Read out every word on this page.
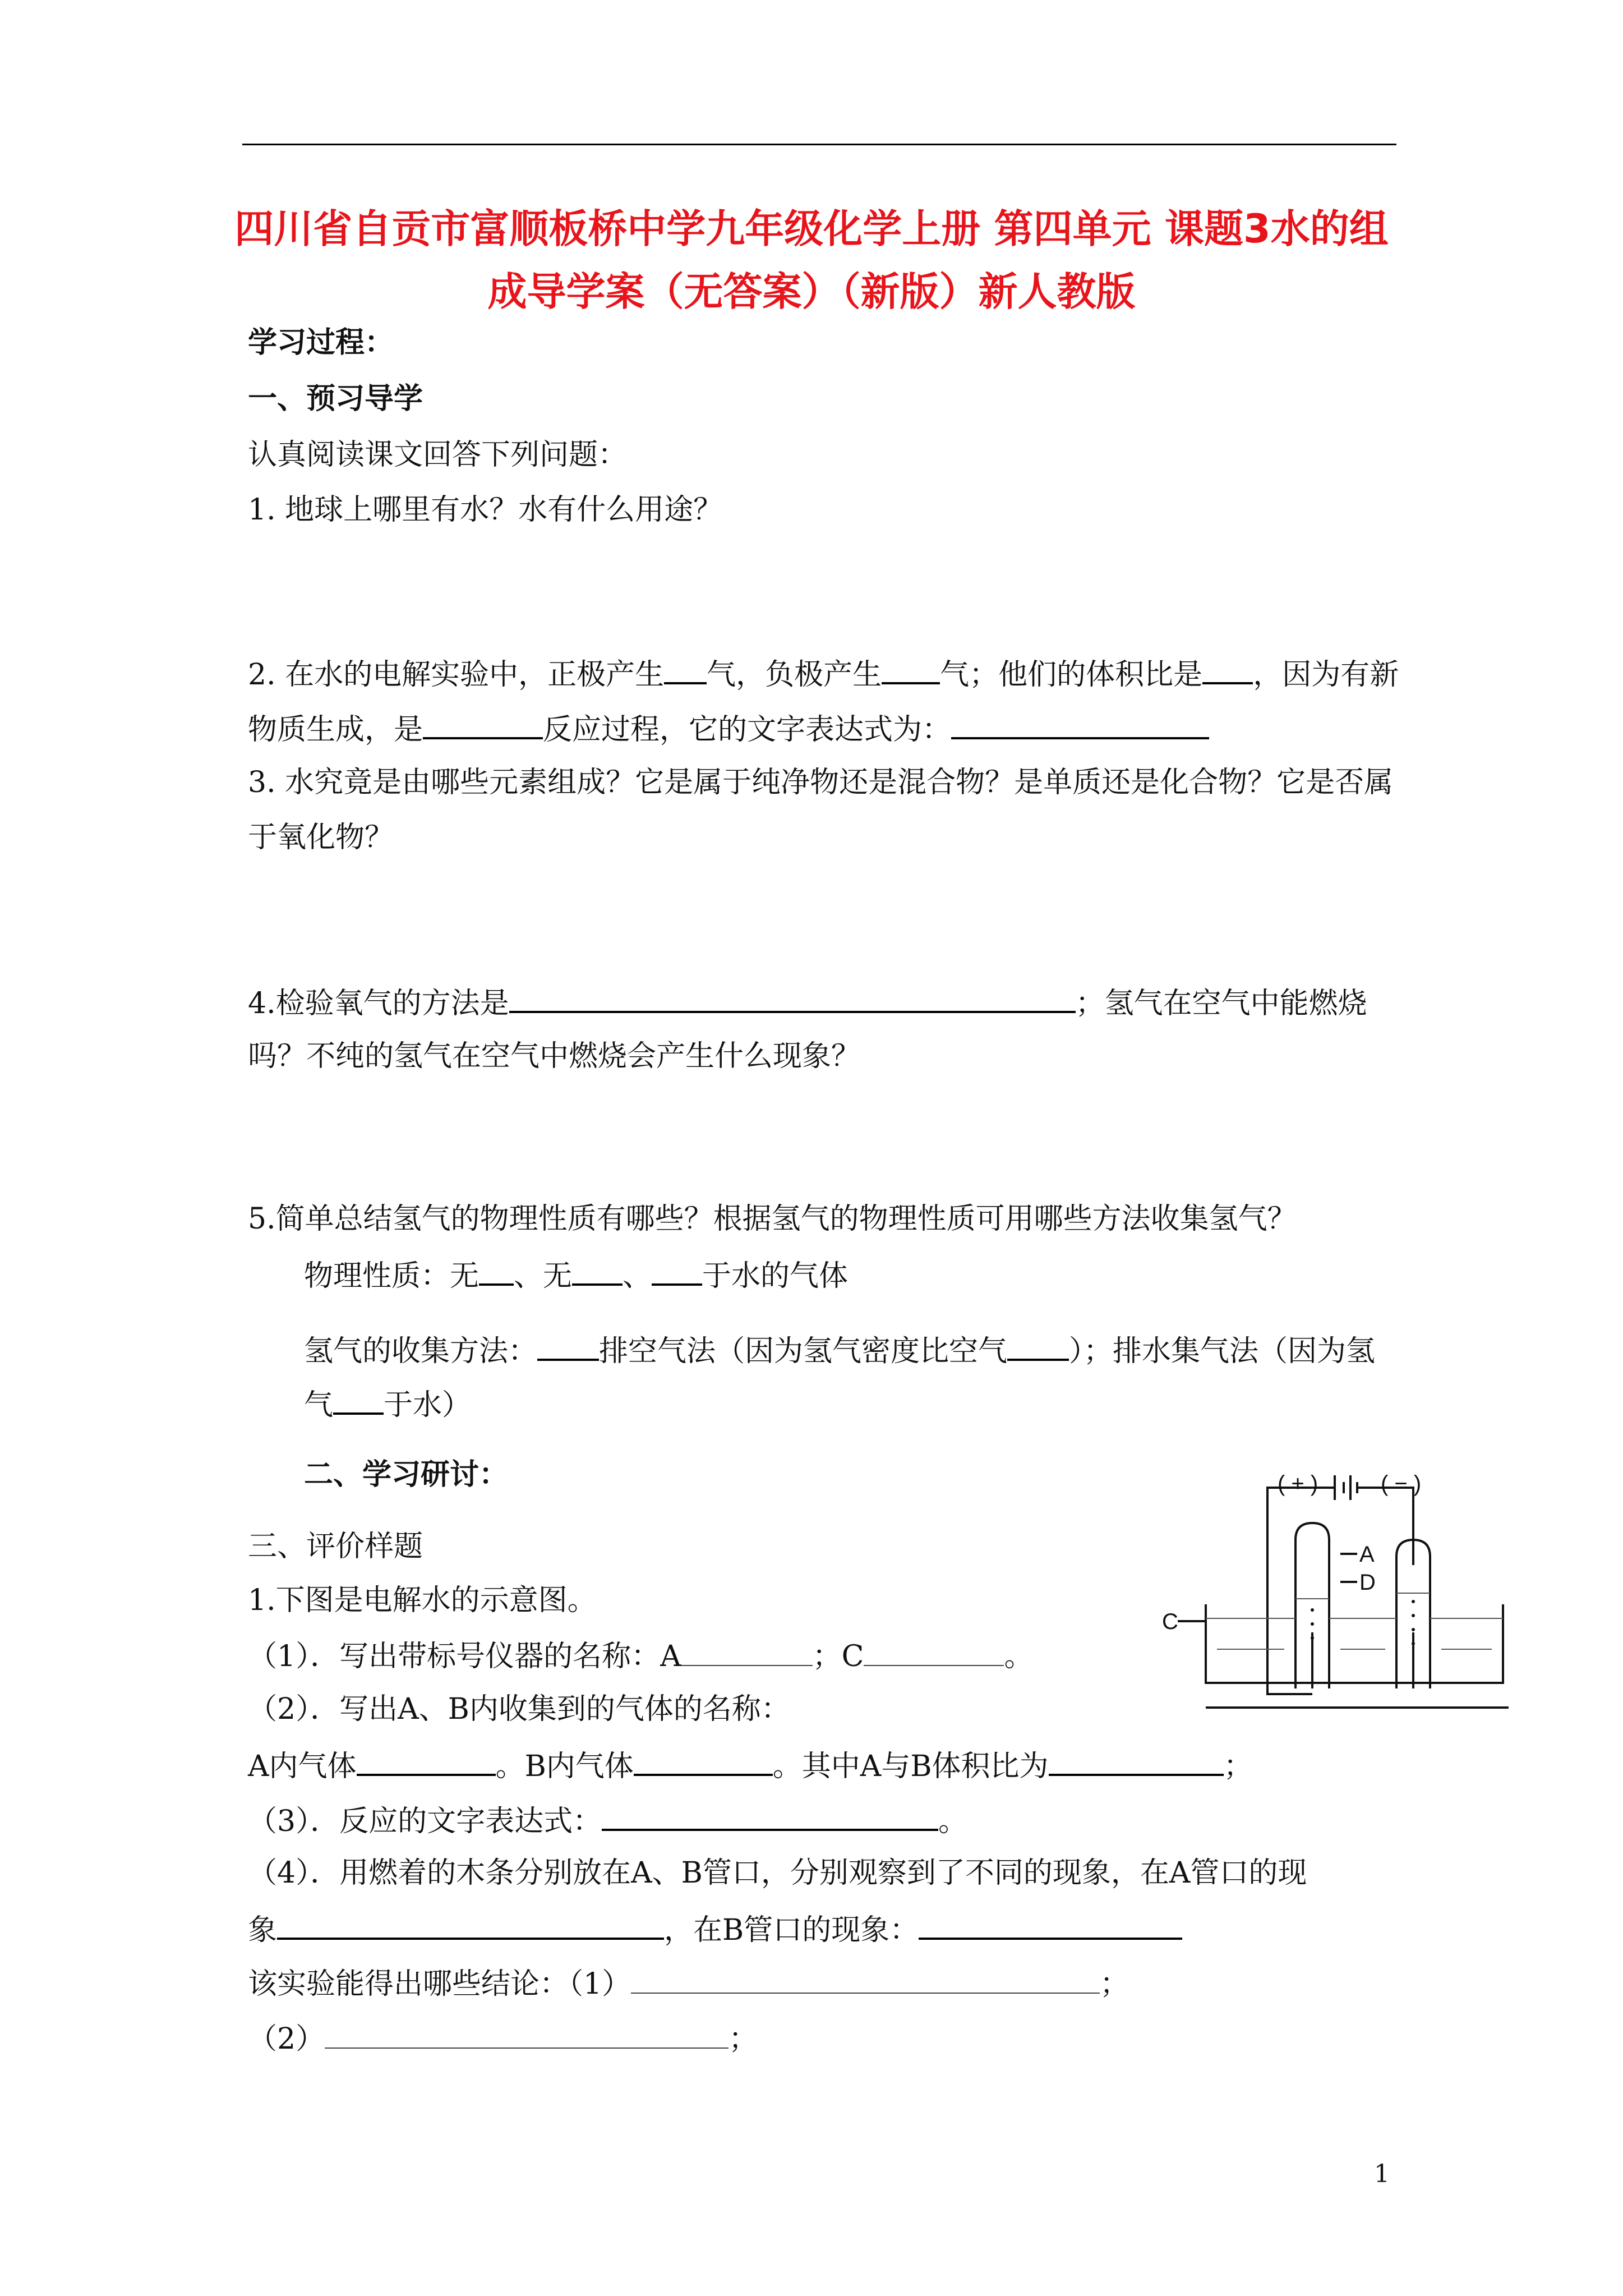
四川省自贡市富顺板桥中学九年级化学上册 第四单元 课题3水的组
成导学案（无答案）（新版）新人教版
学习过程：
一、预习导学
认真阅读课文回答下列问题：
1. 地球上哪里有水？水有什么用途？
2. 在水的电解实验中，正极产生 气，负极产生 气；他们的体积比是 ，因为有新
物质生成，是	反应过程，它的文字表达式为：
3. 水究竟是由哪些元素组成？它是属于纯净物还是混合物？是单质还是化合物？它是否属
于氧化物？
4.检验氧气的方法是	；氢气在空气中能燃烧
吗？不纯的氢气在空气中燃烧会产生什么现象？
5.简单总结氢气的物理性质有哪些？根据氢气的物理性质可用哪些方法收集氢气？
物理性质：无 、无 、 于水的气体
氢气的收集方法： 排空气法（因为氢气密度比空气 ）；排水集气法（因为氢
气 于水）
二、学习研讨：
三、评价样题
1.下图是电解水的示意图。
（1）．写出带标号仪器的名称：A	；C	。
（2）．写出A、B内收集到的气体的名称：
A内气体	。B内气体	。其中A与B体积比为	；
（3）．反应的文字表达式：	。
（4）．用燃着的木条分别放在A、B管口，分别观察到了不同的现象，在A管口的现
象	，在B管口的现象：
该实验能得出哪些结论：（1）	；
（2）	；
( + )	( − )
A
D
C
1
